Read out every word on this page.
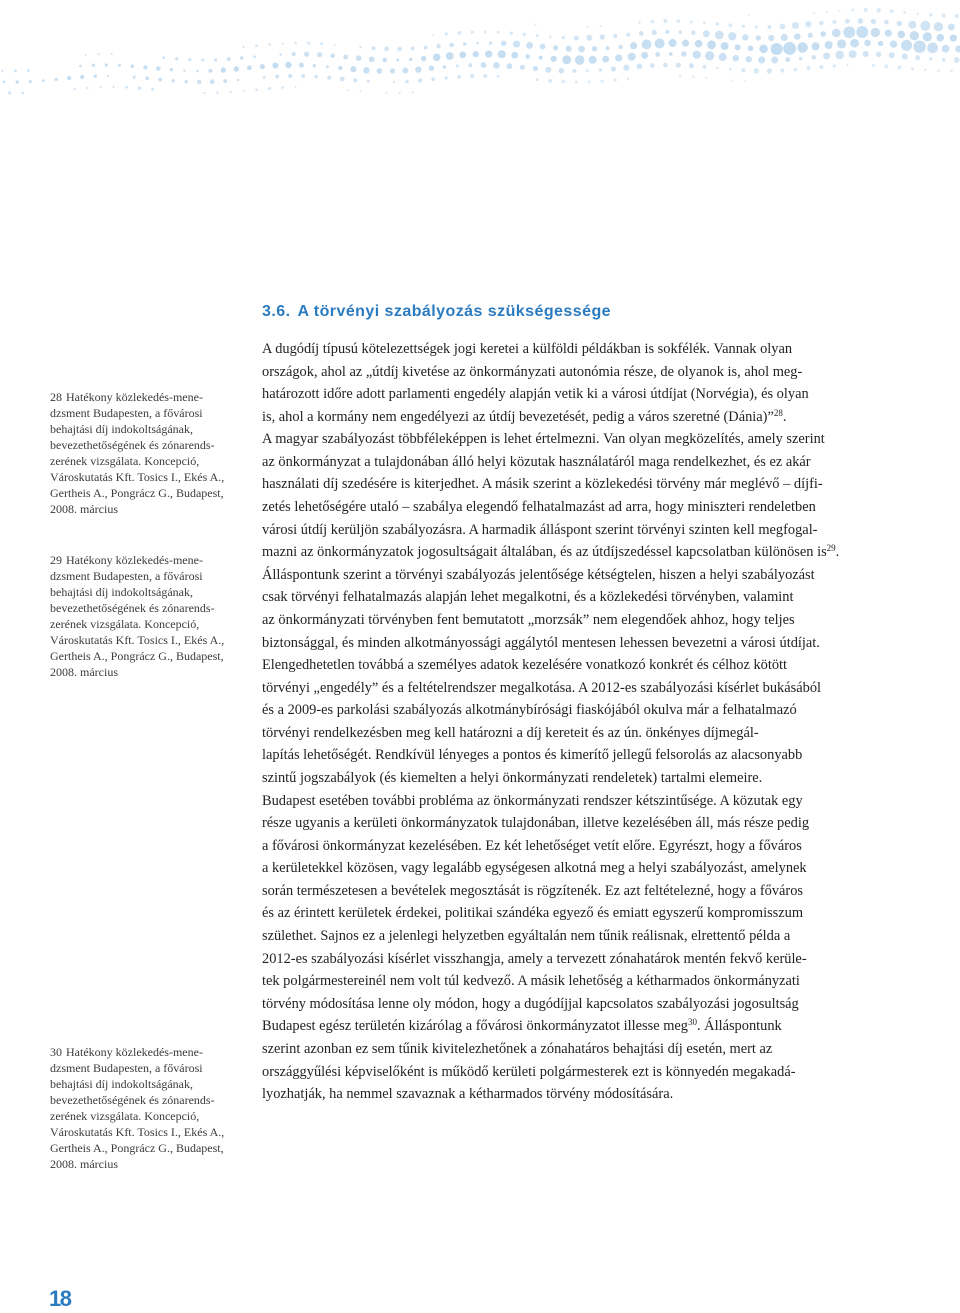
3.6. A törvényi szabályozás szükségessége
28 Hatékony közlekedés-mene-
dzsment Budapesten, a fővárosi
behajtási díj indokoltságának,
bevezethetőségének és zónarends-
zerének vizsgálata. Koncepció,
Városkutatás Kft. Tosics I., Ekés A.,
Gertheis A., Pongrácz G., Budapest,
2008. március
29 Hatékony közlekedés-mene-
dzsment Budapesten, a fővárosi
behajtási díj indokoltságának,
bevezethetőségének és zónarends-
zerének vizsgálata. Koncepció,
Városkutatás Kft. Tosics I., Ekés A.,
Gertheis A., Pongrácz G., Budapest,
2008. március
30 Hatékony közlekedés-mene-
dzsment Budapesten, a fővárosi
behajtási díj indokoltságának,
bevezethetőségének és zónarends-
zerének vizsgálata. Koncepció,
Városkutatás Kft. Tosics I., Ekés A.,
Gertheis A., Pongrácz G., Budapest,
2008. március
A dugódíj típusú kötelezettségek jogi keretei a külföldi példákban is sokfélék. Vannak olyan
országok, ahol az „útdíj kivetése az önkormányzati autonómia része, de olyanok is, ahol meg-
határozott időre adott parlamenti engedély alapján vetik ki a városi útdíjat (Norvégia), és olyan
is, ahol a kormány nem engedélyezi az útdíj bevezetését, pedig a város szeretné (Dánia)”$^{28}$.
A magyar szabályozást többféleképpen is lehet értelmezni. Van olyan megközelítés, amely szerint
az önkormányzat a tulajdonában álló helyi közutak használatáról maga rendelkezhet, és ez akár
használati díj szedésére is kiterjedhet. A másik szerint a közlekedési törvény már meglévő – díjfi-
zetés lehetőségére utaló – szabálya elegendő felhatalmazást ad arra, hogy miniszteri rendeletben
városi útdíj kerüljön szabályozásra. A harmadik álláspont szerint törvényi szinten kell megfogal-
mazni az önkormányzatok jogosultságait általában, és az útdíjszedéssel kapcsolatban különösen $is^{29}$.
Álláspontunk szerint a törvényi szabályozás jelentősége kétségtelen, hiszen a helyi szabályozást
csak törvényi felhatalmazás alapján lehet megalkotni, és a közlekedési törvényben, valamint
az önkormányzati törvényben fent bemutatott „morzsák” nem elegendőek ahhoz, hogy teljes
biztonsággal, és minden alkotmányossági aggálytól mentesen lehessen bevezetni a városi útdíjat.
Elengedhetetlen továbbá a személyes adatok kezelésére vonatkozó konkrét és célhoz kötött
törvényi „engedély” és a feltételrendszer megalkotása. A 2012-es szabályozási kísérlet bukásából
és a 2009-es parkolási szabályozás alkotmánybírósági fiaskójából okulva már a felhatalmazó
törvényi rendelkezésben meg kell határozni a díj kereteit és az ún. önkényes díjmegál-
lapítás lehetőségét. Rendkívül lényeges a pontos és kimerítő jellegű felsorolás az alacsonyabb
szintű jogszabályok (és kiemelten a helyi önkormányzati rendeletek) tartalmi elemeire.
Budapest esetében további probléma az önkormányzati rendszer kétszintűsége. A közutak egy
része ugyanis a kerületi önkormányzatok tulajdonában, illetve kezelésében áll, más része pedig
a fővárosi önkormányzat kezelésében. Ez két lehetőséget vetít előre. Egyrészt, hogy a főváros
a kerületekkel közösen, vagy legalább egységesen alkotná meg a helyi szabályozást, amelynek
során természetesen a bevételek megosztását is rögzítenék. Ez azt feltételezné, hogy a főváros
és az érintett kerületek érdekei, politikai szándéka egyező és emiatt egyszerű kompromisszum
születhet. Sajnos ez a jelenlegi helyzetben egyáltalán nem tűnik reálisnak, elrettentő példa a
2012-es szabályozási kísérlet visszhangja, amely a tervezett zónahatárok mentén fekvő kerüle-
tek polgármestereinél nem volt túl kedvező. A másik lehetőség a kétharmados önkormányzati
törvény módosítása lenne oly módon, hogy a dugódíjjal kapcsolatos szabályozási jogosultság
Budapest egész területén kizárólag a fővárosi önkormányzatot illesse meg$^{30}$. Álláspontunk
szerint azonban ez sem tűnik kivitelezhetőnek a zónahatáros behajtási díj esetén, mert az
országgyűlési képviselőként is működő kerületi polgármesterek ezt is könnyedén megakadá-
lyozhatják, ha nemmel szavaznak a kétharmados törvény módosítására.
18
